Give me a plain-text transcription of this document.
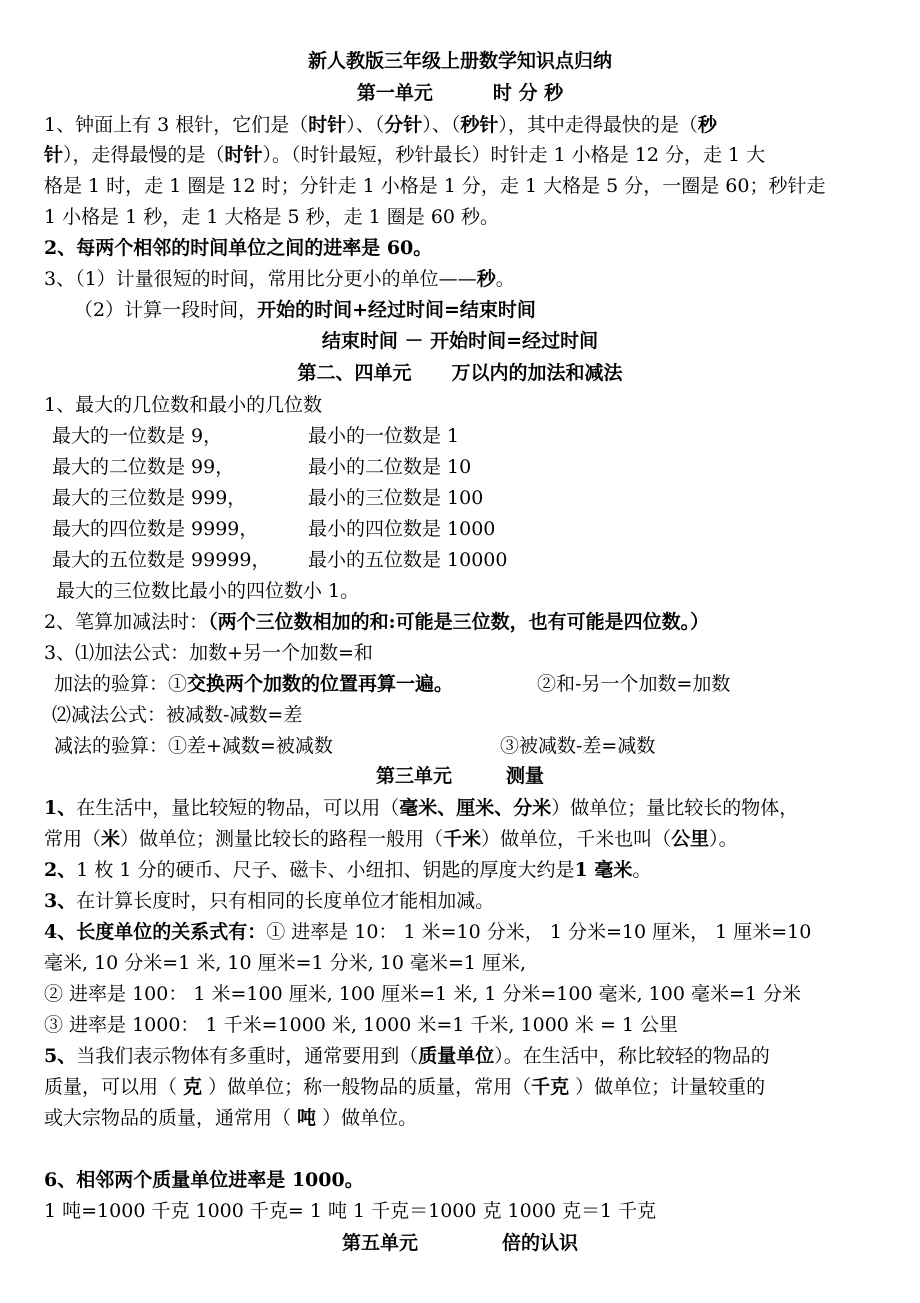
新人教版三年级上册数学知识点归纳
第一单元	时 分 秒
1、钟面上有 3 根针，它们是（时针）、（分针）、（秒针），其中走得最快的是（秒
针），走得最慢的是（时针）。（时针最短，秒针最长）时针走 1 小格是 12 分，走 1 大
格是 1 时，走 1 圈是 12 时；分针走 1 小格是 1 分，走 1 大格是 5 分，一圈是 60；秒针走
1 小格是 1 秒，走 1 大格是 5 秒，走 1 圈是 60 秒。
2、每两个相邻的时间单位之间的进率是 60。
3、（1）计量很短的时间，常用比分更小的单位——秒。
（2）计算一段时间，开始的时间+经过时间=结束时间
结束时间 － 开始时间=经过时间
第二、四单元 万以内的加法和减法
1、最大的几位数和最小的几位数
最大的一位数是 9，	最小的一位数是 1
最大的二位数是 99，	最小的二位数是 10
最大的三位数是 999，	最小的三位数是 100
最大的四位数是 9999，	最小的四位数是 1000
最大的五位数是 99999， 最小的五位数是 10000
最大的三位数比最小的四位数小 1。
2、笔算加减法时：（两个三位数相加的和:可能是三位数，也有可能是四位数。）
3、⑴加法公式：加数+另一个加数=和
加法的验算：①交换两个加数的位置再算一遍。	②和-另一个加数=加数
⑵减法公式：被减数-减数=差
减法的验算：①差+减数=被减数	③被减数-差=减数
第三单元	测量
1、在生活中，量比较短的物品，可以用（毫米、厘米、分米）做单位；量比较长的物体，
常用（米）做单位；测量比较长的路程一般用（千米）做单位，千米也叫（公里）。
2、1 枚 1 分的硬币、尺子、磁卡、小纽扣、钥匙的厚度大约是1 毫米。
3、在计算长度时，只有相同的长度单位才能相加减。
4、长度单位的关系式有：① 进率是 10： 1 米=10 分米， 1 分米=10 厘米， 1 厘米=10
毫米, 10 分米=1 米, 10 厘米=1 分米, 10 毫米=1 厘米,
② 进率是 100： 1 米=100 厘米, 100 厘米=1 米, 1 分米=100 毫米, 100 毫米=1 分米
③ 进率是 1000： 1 千米=1000 米, 1000 米=1 千米, 1000 米 = 1 公里
5、当我们表示物体有多重时，通常要用到（质量单位）。在生活中，称比较轻的物品的
质量，可以用（ 克 ）做单位；称一般物品的质量，常用（千克 ）做单位；计量较重的
或大宗物品的质量，通常用（ 吨 ）做单位。
6、相邻两个质量单位进率是 1000。
1 吨=1000 千克 1000 千克= 1 吨 1 千克＝1000 克 1000 克＝1 千克
第五单元	倍的认识
